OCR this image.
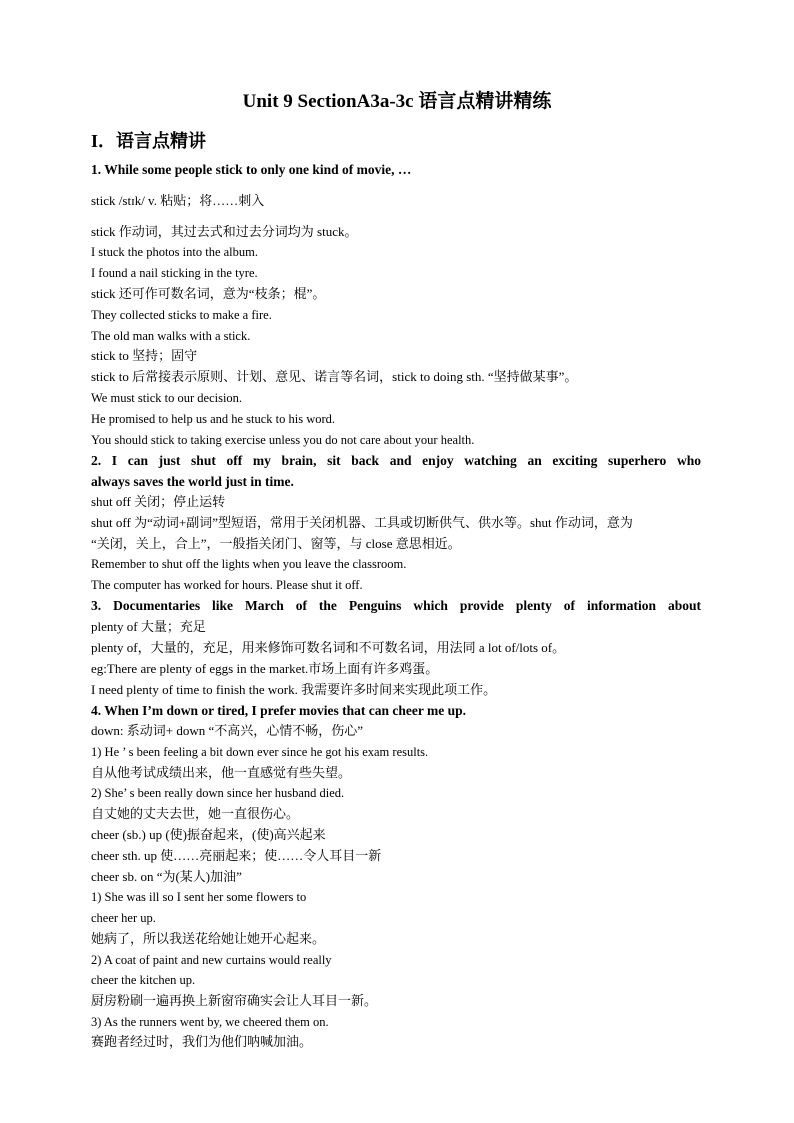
Unit 9 SectionA3a-3c 语言点精讲精练
I．语言点精讲
1. While some people stick to only one kind of movie, …
stick /stɪk/ v. 粘贴；将……刺入
stick 作动词，其过去式和过去分词均为 stuck。
I stuck the photos into the album.
I found a nail sticking in the tyre.
stick 还可作可数名词，意为“枝条；棍”。
They collected sticks to make a fire.
The old man walks with a stick.
stick to 坚持；固守
stick to 后常接表示原则、计划、意见、诺言等名词，stick to doing sth. “坚持做某事”。
We must stick to our decision.
He promised to help us and he stuck to his word.
You should stick to taking exercise unless you do not care about your health.
2. I can just shut off my brain, sit back and enjoy watching an exciting superhero who
always saves the world just in time.
shut off 关闭；停止运转
shut off 为“动词+副词”型短语，常用于关闭机器、工具或切断供气、供水等。shut 作动词，意为
“关闭，关上，合上”，一般指关闭门、窗等，与 close 意思相近。
Remember to shut off the lights when you leave the classroom.
The computer has worked for hours. Please shut it off.
3. Documentaries like March of the Penguins which provide plenty of information about
plenty of 大量；充足
plenty of，大量的，充足，用来修饰可数名词和不可数名词，用法同 a lot of/lots of。
eg:There are plenty of eggs in the market.市场上面有许多鸡蛋。
I need plenty of time to finish the work. 我需要许多时间来实现此项工作。
4. When I’m down or tired, I prefer movies that can cheer me up.
down: 系动词+ down “不高兴，心情不畅，伤心”
1) He ’ s been feeling a bit down ever since he got his exam results.
自从他考试成绩出来，他一直感觉有些失望。
2) She’ s been really down since her husband died.
自丈她的丈夫去世，她一直很伤心。
cheer (sb.) up (使)振奋起来，(使)高兴起来
cheer sth. up 使……亮丽起来；使……令人耳目一新
cheer sb. on “为(某人)加油”
1) She was ill so I sent her some flowers to
cheer her up.
她病了，所以我送花给她让她开心起来。
2) A coat of paint and new curtains would really
cheer the kitchen up.
厨房粉刷一遍再换上新窗帘确实会让人耳目一新。
3) As the runners went by, we cheered them on.
赛跑者经过时，我们为他们呐喊加油。
